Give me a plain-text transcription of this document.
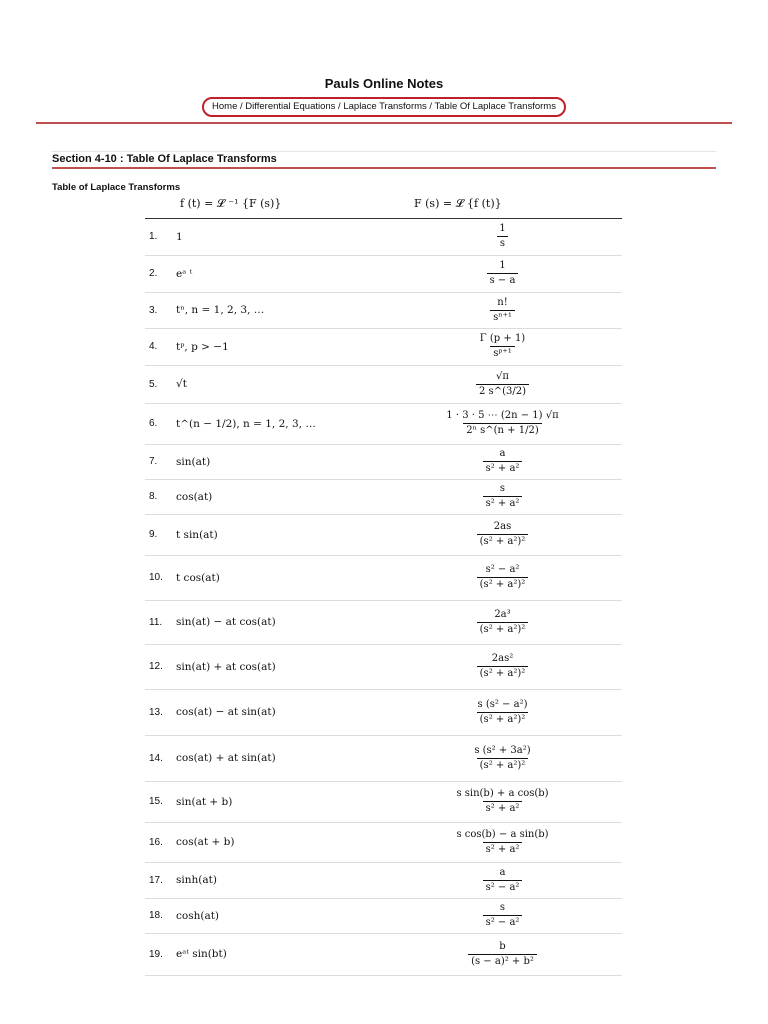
Pauls Online Notes
Home / Differential Equations / Laplace Transforms / Table Of Laplace Transforms
Section 4-10 : Table Of Laplace Transforms
Table of Laplace Transforms
f (t) = 𝓛 ⁻¹ {F (s)}	F (s) = 𝓛 {f (t)}
1.	1	$\frac{1}{s}$

2.	eᵃ ᵗ	$\frac{1}{s - a}$

3.	tⁿ, n = 1, 2, 3, …	$\frac{n!}{\text{sⁿ⁺¹}}$

4.	tᵖ, p > −1	$\frac{\Gamma (p + 1)}{\text{sᵖ⁺¹}}$

5.	√t	$\frac{√\pi}{2 s\^{}(3/2)}$

6.	t^(n − 1/2), n = 1, 2, 3, …	$\frac{1 \cdot 3 \cdot 5 \cdots (2n - 1) √\pi}{\text{2ⁿ s\textasciicircum{}(n + 1/2)}}$

7.	sin(at)	$\frac{a}{\text{s² + a²}}$

8.	cos(at)	$\frac{s}{\text{s² + a²}}$

9.	t sin(at)	$\frac{2as}{\text{(s² + a²)²}}$

10.	t cos(at)	$\frac{\text{s² − a²}}{\text{(s² + a²)²}}$

11.	sin(at) − at cos(at)	$\frac{\text{2a³}}{\text{(s² + a²)²}}$

12.	sin(at) + at cos(at)	$\frac{\text{2as²}}{\text{(s² + a²)²}}$

13.	cos(at) − at sin(at)	$\frac{\text{s (s² − a²)}}{\text{(s² + a²)²}}$

14.	cos(at) + at sin(at)	$\frac{\text{s (s² + 3a²)}}{\text{(s² + a²)²}}$

15.	sin(at + b)	$\frac{\text{s sin(b) + a cos(b)}}{\text{s² + a²}}$

16.	cos(at + b)	$\frac{\text{s cos(b) − a sin(b)}}{\text{s² + a²}}$

17.	sinh(at)	$\frac{a}{\text{s² − a²}}$

18.	cosh(at)	$\frac{s}{\text{s² − a²}}$

19.	eᵃᵗ sin(bt)	$\frac{b}{\text{(s − a)² + b²}}$
